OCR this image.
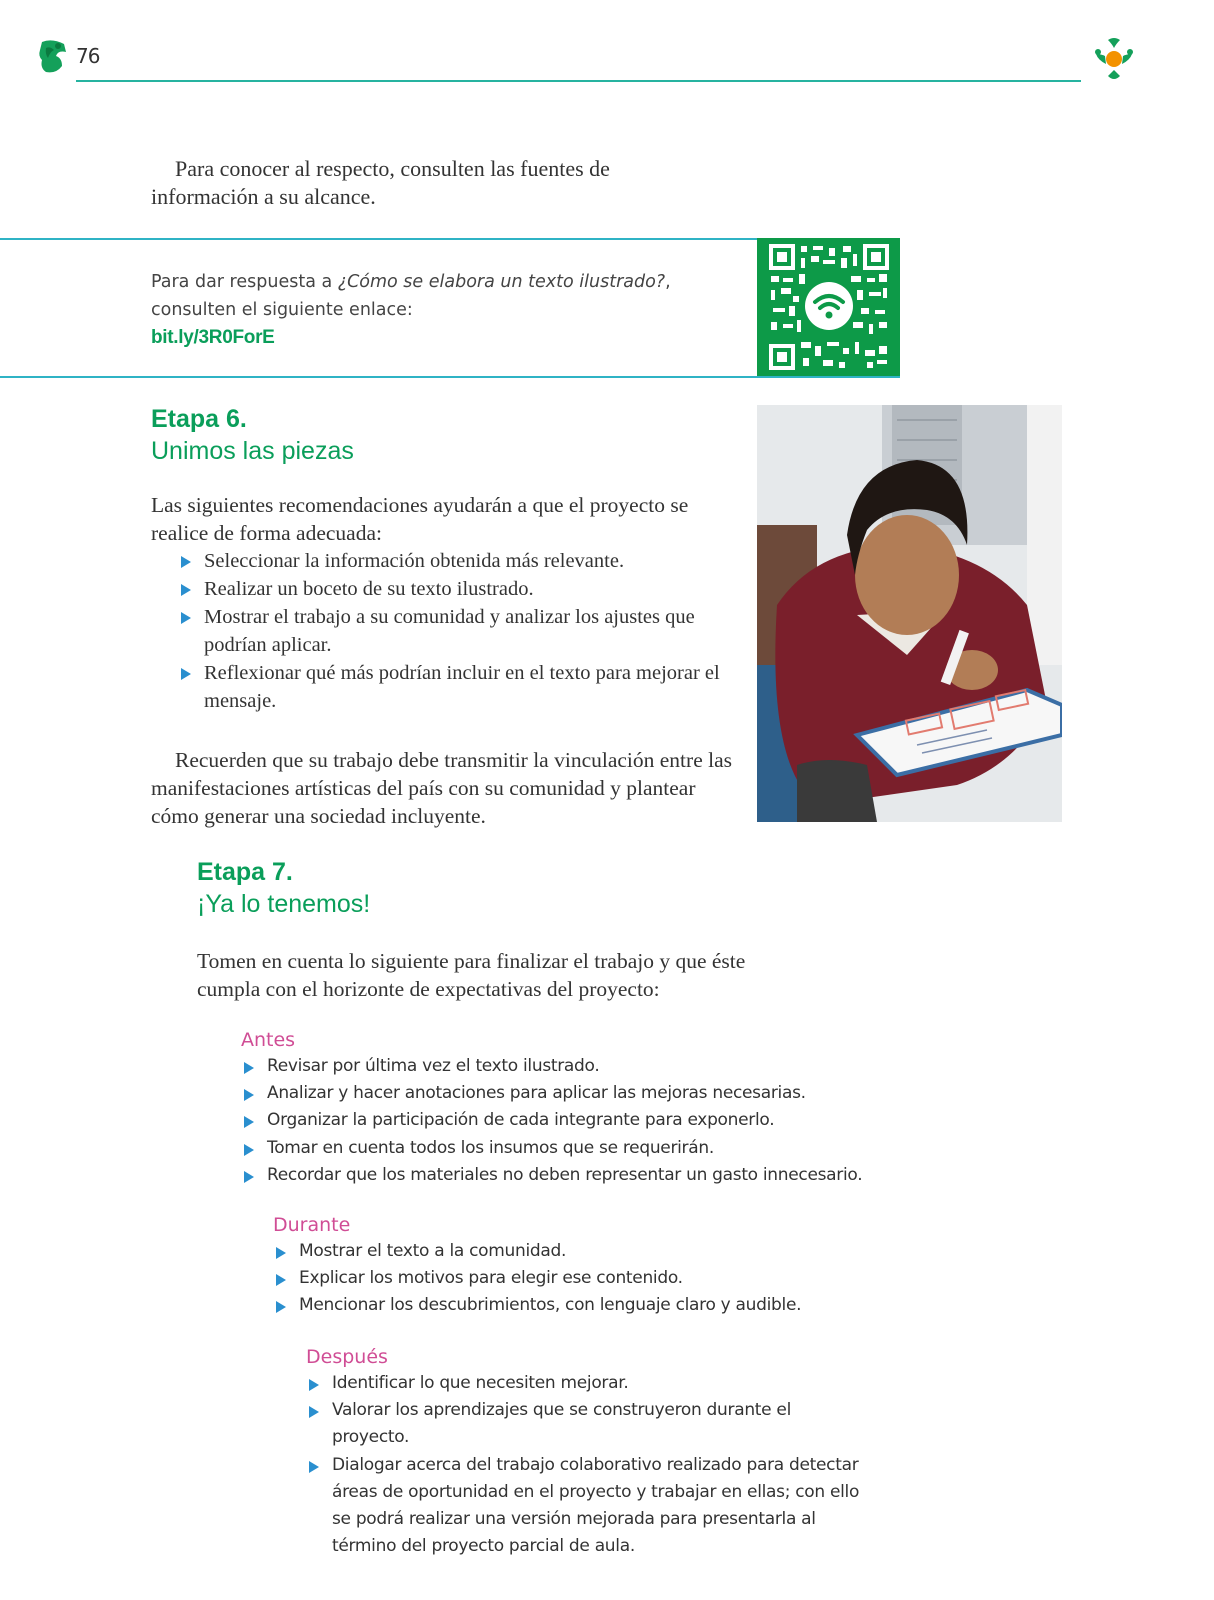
76

Para conocer al respecto, consulten las fuentes de información a su alcance.

Para dar respuesta a ¿Cómo se elabora un texto ilustrado?, consulten el siguiente enlace:
bit.ly/3R0ForE
Etapa 6.
Unimos las piezas

Las siguientes recomendaciones ayudarán a que el proyecto se realice de forma adecuada:

Seleccionar la información obtenida más relevante.
Realizar un boceto de su texto ilustrado.
Mostrar el trabajo a su comunidad y analizar los ajustes que podrían aplicar.
Reflexionar qué más podrían incluir en el texto para mejorar el mensaje.

Recuerden que su trabajo debe transmitir la vinculación entre las manifestaciones artísticas del país con su comunidad y plantear cómo generar una sociedad incluyente.

Etapa 7.
¡Ya lo tenemos!

Tomen en cuenta lo siguiente para finalizar el trabajo y que éste cumpla con el horizonte de expectativas del proyecto:

Antes
Revisar por última vez el texto ilustrado.
Analizar y hacer anotaciones para aplicar las mejoras necesarias.
Organizar la participación de cada integrante para exponerlo.
Tomar en cuenta todos los insumos que se requerirán.
Recordar que los materiales no deben representar un gasto innecesario.
Durante
Mostrar el texto a la comunidad.
Explicar los motivos para elegir ese contenido.
Mencionar los descubrimientos, con lenguaje claro y audible.
Después
Identificar lo que necesiten mejorar.
Valorar los aprendizajes que se construyeron durante el proyecto.
Dialogar acerca del trabajo colaborativo realizado para detectar áreas de oportunidad en el proyecto y trabajar en ellas; con ello se podrá realizar una versión mejorada para presentarla al término del proyecto parcial de aula.
